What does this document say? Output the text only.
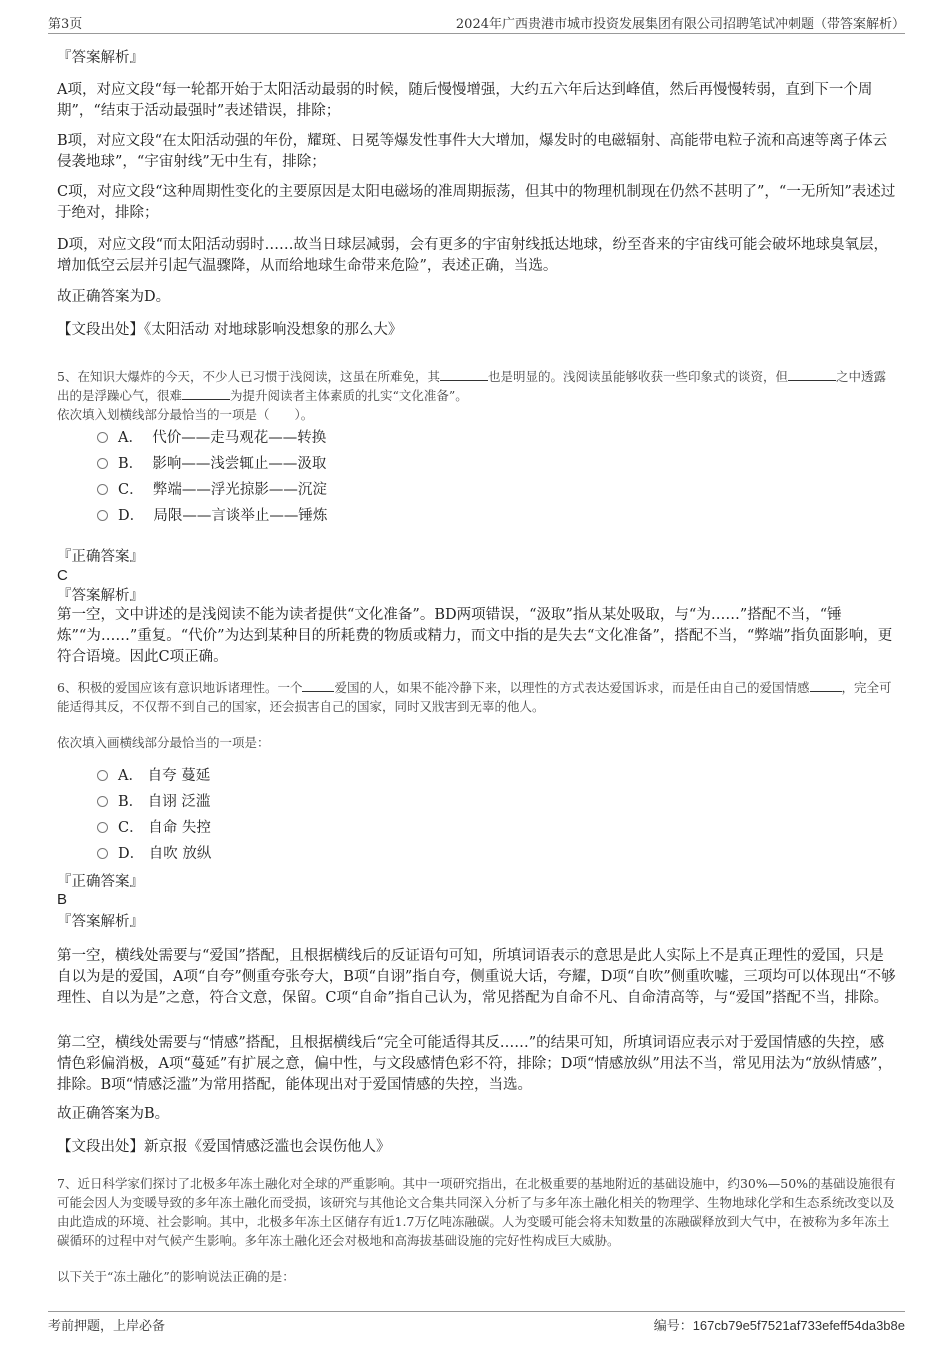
第3页	2024年广西贵港市城市投资发展集团有限公司招聘笔试冲刺题（带答案解析）
『答案解析』
A项，对应文段“每一轮都开始于太阳活动最弱的时候，随后慢慢增强，大约五六年后达到峰值，然后再慢慢转弱，直到下一个周期”，“结束于活动最强时”表述错误，排除；
B项，对应文段“在太阳活动强的年份，耀斑、日冕等爆发性事件大大增加，爆发时的电磁辐射、高能带电粒子流和高速等离子体云侵袭地球”，“宇宙射线”无中生有，排除；
C项，对应文段“这种周期性变化的主要原因是太阳电磁场的准周期振荡，但其中的物理机制现在仍然不甚明了”，“一无所知”表述过于绝对，排除；
D项，对应文段“而太阳活动弱时……故当日球层减弱，会有更多的宇宙射线抵达地球，纷至沓来的宇宙线可能会破坏地球臭氧层，增加低空云层并引起气温骤降，从而给地球生命带来危险”，表述正确，当选。
故正确答案为D。
【文段出处】《太阳活动 对地球影响没想象的那么大》
5、在知识大爆炸的今天，不少人已习惯于浅阅读，这虽在所难免，其	也是明显的。浅阅读虽能够收获一些印象式的谈资，但	之中透露出的是浮躁心气，很难	为提升阅读者主体素质的扎实“文化准备”。
依次填入划横线部分最恰当的一项是（　　）。
A． 代价——走马观花——转换
B． 影响——浅尝辄止——汲取
C． 弊端——浮光掠影——沉淀
D． 局限——言谈举止——锤炼
『正确答案』
C
『答案解析』
第一空，文中讲述的是浅阅读不能为读者提供“文化准备”。BD两项错误，“汲取”指从某处吸取，与“为……”搭配不当，“锤炼”“为……”重复。“代价”为达到某种目的所耗费的物质或精力，而文中指的是失去“文化准备”，搭配不当，“弊端”指负面影响，更符合语境。因此C项正确。
6、积极的爱国应该有意识地诉诸理性。一个	爱国的人，如果不能冷静下来，以理性的方式表达爱国诉求，而是任由自己的爱国情感	，完全可能适得其反，不仅帮不到自己的国家，还会损害自己的国家，同时又戕害到无辜的他人。
依次填入画横线部分最恰当的一项是：
A． 自夸 蔓延
B． 自诩 泛滥
C． 自命 失控
D． 自吹 放纵
『正确答案』
B
『答案解析』
第一空，横线处需要与“爱国”搭配，且根据横线后的反证语句可知，所填词语表示的意思是此人实际上不是真正理性的爱国，只是自以为是的爱国，A项“自夸”侧重夸张夸大，B项“自诩”指自夸，侧重说大话，夸耀，D项“自吹”侧重吹嘘，三项均可以体现出“不够理性、自以为是”之意，符合文意，保留。C项“自命”指自己认为，常见搭配为自命不凡、自命清高等，与“爱国”搭配不当，排除。
第二空，横线处需要与“情感”搭配，且根据横线后“完全可能适得其反……”的结果可知，所填词语应表示对于爱国情感的失控，感情色彩偏消极，A项“蔓延”有扩展之意，偏中性，与文段感情色彩不符，排除；D项“情感放纵”用法不当，常见用法为“放纵情感”，排除。B项“情感泛滥”为常用搭配，能体现出对于爱国情感的失控，当选。
故正确答案为B。
【文段出处】新京报《爱国情感泛滥也会误伤他人》
7、近日科学家们探讨了北极多年冻土融化对全球的严重影响。其中一项研究指出，在北极重要的基地附近的基础设施中，约30%—50%的基础设施很有可能会因人为变暖导致的多年冻土融化而受损，该研究与其他论文合集共同深入分析了与多年冻土融化相关的物理学、生物地球化学和生态系统改变以及由此造成的环境、社会影响。其中，北极多年冻土区储存有近1.7万亿吨冻融碳。人为变暖可能会将未知数量的冻融碳释放到大气中，在被称为多年冻土碳循环的过程中对气候产生影响。多年冻土融化还会对极地和高海拔基础设施的完好性构成巨大威胁。
以下关于“冻土融化”的影响说法正确的是：
考前押题，上岸必备	编号：167cb79e5f7521af733efeff54da3b8e
